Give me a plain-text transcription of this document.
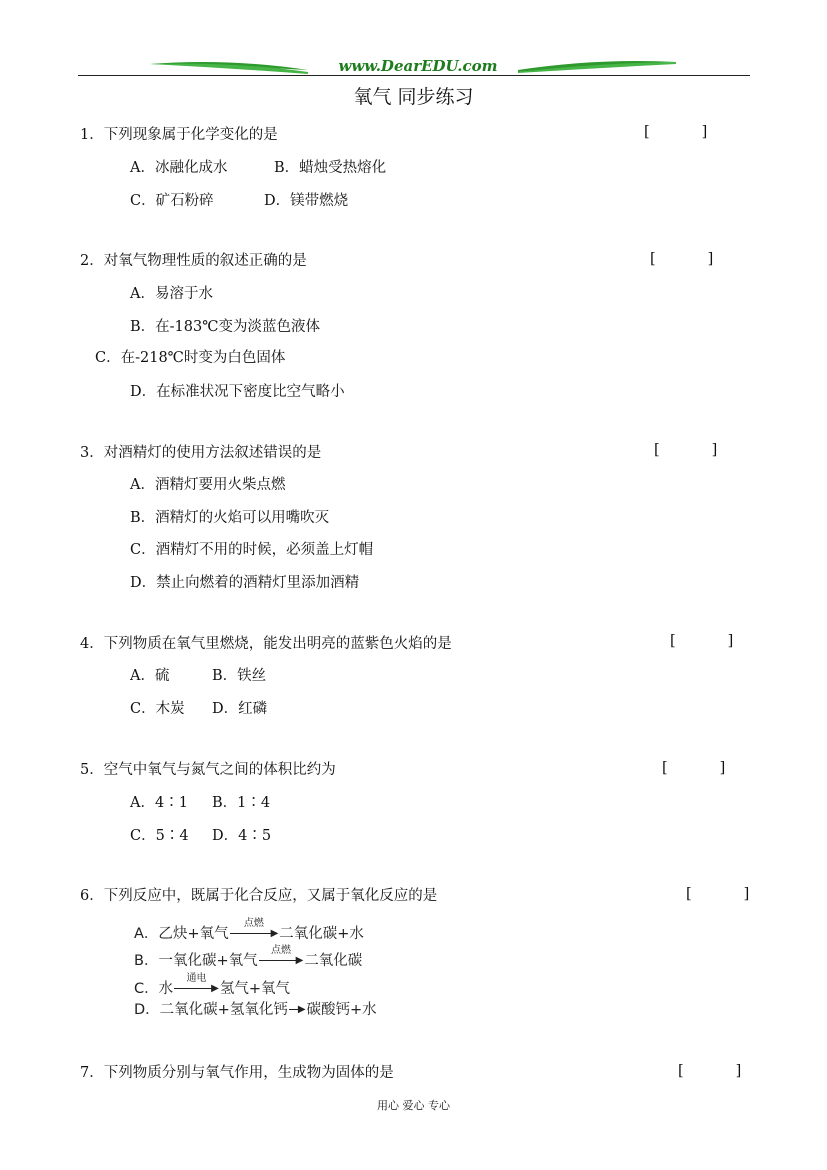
www.DearEDU.com
氧气 同步练习
1．下列现象属于化学变化的是	[	]
A．冰融化成水	B．蜡烛受热熔化
C．矿石粉碎	D．镁带燃烧
2．对氧气物理性质的叙述正确的是	[	]
A．易溶于水
B．在-183℃变为淡蓝色液体
C．在-218℃时变为白色固体
D．在标准状况下密度比空气略小
3．对酒精灯的使用方法叙述错误的是	[	]
A．酒精灯要用火柴点燃
B．酒精灯的火焰可以用嘴吹灭
C．酒精灯不用的时候，必须盖上灯帽
D．禁止向燃着的酒精灯里添加酒精
4．下列物质在氧气里燃烧，能发出明亮的蓝紫色火焰的是	[	]
A．硫	B．铁丝
C．木炭 D．红磷
5．空气中氧气与氮气之间的体积比约为	[	]
A．4∶1 B．1∶4
C．5∶4 D．4∶5
6．下列反应中，既属于化合反应，又属于氧化反应的是	[	]
A．乙炔+氧气
点燃
▶二氧化碳+水
B．一氧化碳+氧气
点燃
▶二氧化碳
C．水
通电
▶氢气+氧气
D．二氧化碳+氢氧化钙 ▶碳酸钙+水
7．下列物质分别与氧气作用，生成物为固体的是	[	]
用心 爱心 专心
